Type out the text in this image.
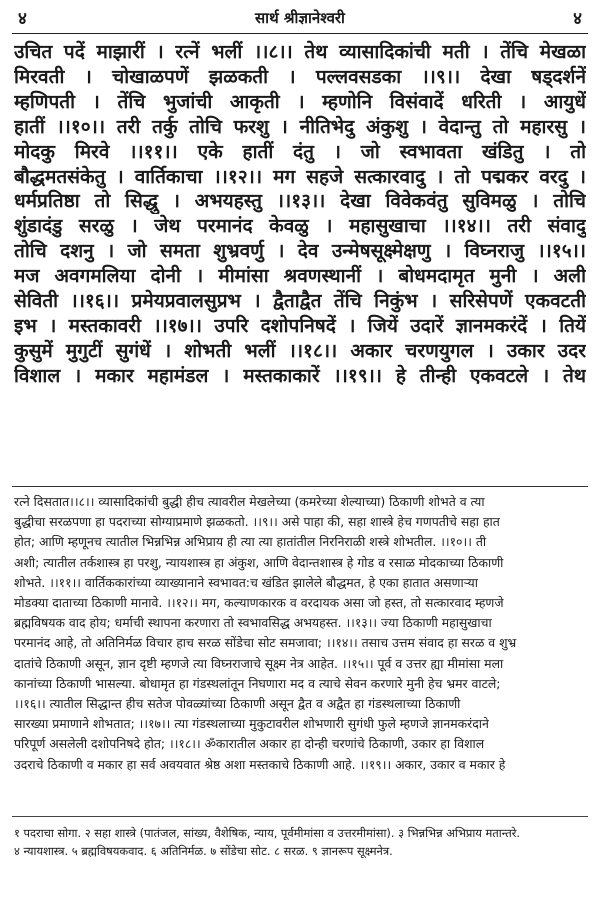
४	सार्थ श्रीज्ञानेश्वरी	४
उचित पदें माझारीं । रत्नें भलीं ।।८।। तेथ व्यासादिकांची मती । तेंचि मेखळा
मिरवती । चोखाळपणें झळकती । पल्लवसडका ।।९।। देखा षड्दर्शनें
म्हणिपती । तेंचि भुजांची आकृती । म्हणोनि विसंवादें धरिती । आयुधें
हातीं ।।१०।। तरी तर्कु तोचि फरशु । नीतिभेदु अंकुशु । वेदान्तु तो महारसु ।
मोदकु मिरवे ।।११।। एके हातीं दंतु । जो स्वभावता खंडितु । तो
बौद्धमतसंकेतु । वार्तिकाचा ।।१२।। मग सहजे सत्कारवादु । तो पद्मकर वरदु ।
धर्मप्रतिष्ठा तो सिद्धु । अभयहस्तु ।।१३।। देखा विवेकवंतु सुविमळु । तोचि
शुंडादंडु सरळु । जेथ परमानंद केवळु । महासुखाचा ।।१४।। तरी संवादु
तोचि दशनु । जो समता शुभ्रवर्णु । देव उन्मेषसूक्ष्मेक्षणु । विघ्नराजु ।।१५।।
मज अवगमलिया दोनी । मीमांसा श्रवणस्थानीं । बोधमदामृत मुनी । अली
सेविती ।।१६।। प्रमेयप्रवालसुप्रभ । द्वैताद्वैत तेंचि निकुंभ । सरिसेपणें एकवटती
इभ । मस्तकावरी ।।१७।। उपरि दशोपनिषदें । जियें उदारें ज्ञानमकरंदें । तियें
कुसुमें मुगुटीं सुगंधें । शोभती भलीं ।।१८।। अकार चरणयुगल । उकार उदर
विशाल । मकार महामंडल । मस्तकाकारें ।।१९।। हे तीन्ही एकवटले । तेथ
रत्ने दिसतात।।८।। व्यासादिकांची बुद्धी हीच त्यावरील मेखलेच्या (कमरेच्या शेल्याच्या) ठिकाणी शोभते व त्या
बुद्धीचा सरळपणा हा पदराच्या सोग्याप्रमाणे झळकतो. ।।९।। असे पाहा की, सहा शास्त्रे हेच गणपतीचे सहा हात
होत; आणि म्हणूनच त्यातील भिन्नभिन्न अभिप्राय ही त्या त्या हातांतील निरनिराळी शस्त्रे शोभतील. ।।१०।। ती
अशी; त्यातील तर्कशास्त्र हा परशु, न्यायशास्त्र हा अंकुश, आणि वेदान्तशास्त्र हे गोड व रसाळ मोदकाच्या ठिकाणी
शोभते. ।।११।। वार्तिककारांच्या व्याख्यानाने स्वभावत:च खंडित झालेले बौद्धमत, हे एका हातात असणाऱ्या
मोडक्या दाताच्या ठिकाणी मानावे. ।।१२।। मग, कल्याणकारक व वरदायक असा जो हस्त, तो सत्कारवाद म्हणजे
ब्रह्मविषयक वाद होय; धर्माची स्थापना करणारा तो स्वभावसिद्ध अभयहस्त. ।।१३।। ज्या ठिकाणी महासुखाचा
परमानंद आहे, तो अतिनिर्मळ विचार हाच सरळ सोंडेचा सोट समजावा; ।।१४।। तसाच उत्तम संवाद हा सरळ व शुभ्र
दातांचे ठिकाणी असून, ज्ञान दृष्टी म्हणजे त्या विघ्नराजाचे सूक्ष्म नेत्र आहेत. ।।१५।। पूर्व व उत्तर ह्या मीमांसा मला
कानांच्या ठिकाणी भासल्या. बोधामृत हा गंडस्थलांतून निघणारा मद व त्याचे सेवन करणारे मुनी हेच भ्रमर वाटले;
।।१६।। त्यातील सिद्धान्त हीच सतेज पोवळ्यांच्या ठिकाणी असून द्वैत व अद्वैत हा गंडस्थलाच्या ठिकाणी
सारख्या प्रमाणाने शोभतात; ।।१७।। त्या गंडस्थलाच्या मुकुटावरील शोभणारी सुगंधी फुले म्हणजे ज्ञानमकरंदाने
परिपूर्ण असलेली दशोपनिषदे होत; ।।१८।। ॐकारातील अकार हा दोन्ही चरणांचे ठिकाणी, उकार हा विशाल
उदराचे ठिकाणी व मकार हा सर्व अवयवात श्रेष्ठ अशा मस्तकाचे ठिकाणी आहे. ।।१९।। अकार, उकार व मकार हे
१ पदराचा सोगा. २ सहा शास्त्रे (पातंजल, सांख्य, वैशेषिक, न्याय, पूर्वमीमांसा व उत्तरमीमांसा). ३ भिन्नभिन्न अभिप्राय मतान्तरे.
४ न्यायशास्त्र. ५ ब्रह्मविषयकवाद. ६ अतिनिर्मळ. ७ सोंडेचा सोट. ८ सरळ. ९ ज्ञानरूप सूक्ष्मनेत्र.
